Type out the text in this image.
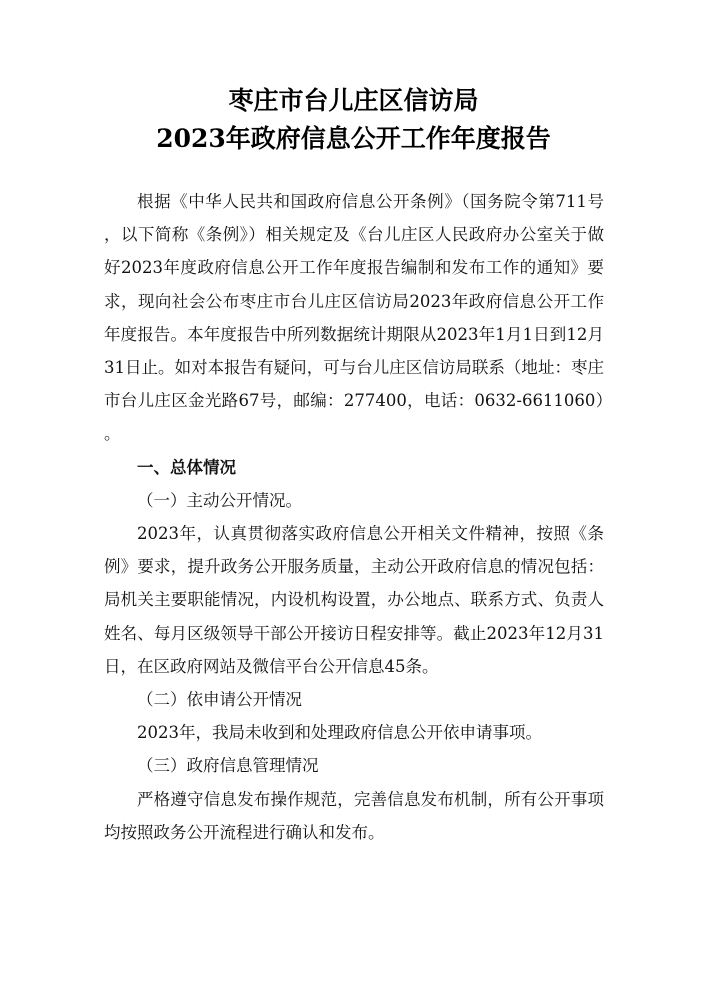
枣庄市台儿庄区信访局
2023年政府信息公开工作年度报告

根据《中华人民共和国政府信息公开条例》（国务院令第711号，以下简称《条例》）相关规定及《台儿庄区人民政府办公室关于做好2023年度政府信息公开工作年度报告编制和发布工作的通知》要求，现向社会公布枣庄市台儿庄区信访局2023年政府信息公开工作年度报告。本年度报告中所列数据统计期限从2023年1月1日到12月31日止。如对本报告有疑问，可与台儿庄区信访局联系（地址：枣庄市台儿庄区金光路67号，邮编：277400，电话：0632-6611060）。

一、总体情况

（一）主动公开情况。

2023年，认真贯彻落实政府信息公开相关文件精神，按照《条例》要求，提升政务公开服务质量，主动公开政府信息的情况包括：局机关主要职能情况，内设机构设置，办公地点、联系方式、负责人姓名、每月区级领导干部公开接访日程安排等。截止2023年12月31日，在区政府网站及微信平台公开信息45条。

（二）依申请公开情况

2023年，我局未收到和处理政府信息公开依申请事项。

（三）政府信息管理情况

严格遵守信息发布操作规范，完善信息发布机制，所有公开事项均按照政务公开流程进行确认和发布。
